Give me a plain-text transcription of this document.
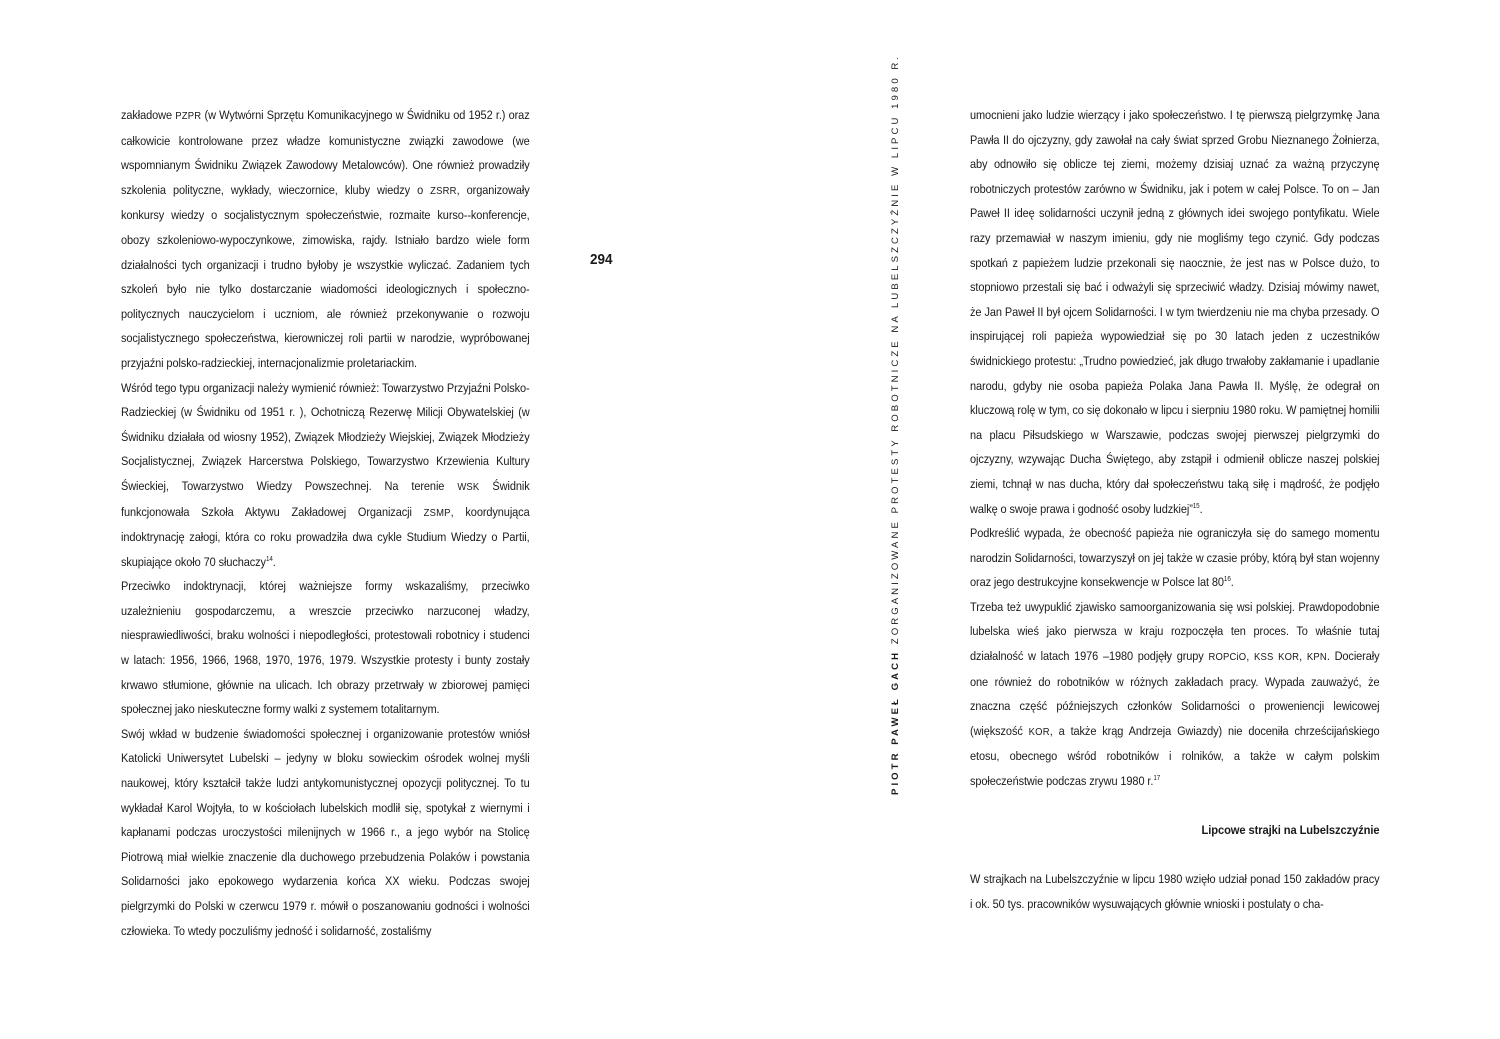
zakładowe PZPR (w Wytwórni Sprzętu Komunikacyjnego w Świdniku od 1952 r.) oraz całkowicie kontrolowane przez władze komunistyczne związki zawodowe (we wspomnianym Świdniku Związek Zawodowy Metalowców). One również prowadziły szkolenia polityczne, wykłady, wieczornice, kluby wiedzy o ZSRR, organizowały konkursy wiedzy o socjalistycznym społeczeństwie, rozmaite kurso--konferencje, obozy szkoleniowo-wypoczynkowe, zimowiska, rajdy. Istniało bardzo wiele form działalności tych organizacji i trudno byłoby je wszystkie wyliczać. Zadaniem tych szkoleń było nie tylko dostarczanie wiadomości ideologicznych i społeczno-politycznych nauczycielom i uczniom, ale również przekonywanie o rozwoju socjalistycznego społeczeństwa, kierowniczej roli partii w narodzie, wypróbowanej przyjaźni polsko-radzieckiej, internacjonalizmie proletariackim.

Wśród tego typu organizacji należy wymienić również: Towarzystwo Przyjaźni Polsko-Radzieckiej (w Świdniku od 1951 r. ), Ochotniczą Rezerwę Milicji Obywatelskiej (w Świdniku działała od wiosny 1952), Związek Młodzieży Wiejskiej, Związek Młodzieży Socjalistycznej, Związek Harcerstwa Polskiego, Towarzystwo Krzewienia Kultury Świeckiej, Towarzystwo Wiedzy Powszechnej. Na terenie WSK Świdnik funkcjonowała Szkoła Aktywu Zakładowej Organizacji ZSMP, koordynująca indoktrynację załogi, która co roku prowadziła dwa cykle Studium Wiedzy o Partii, skupiające około 70 słuchaczy$^{14}$.

Przeciwko indoktrynacji, której ważniejsze formy wskazaliśmy, przeciwko uzależnieniu gospodarczemu, a wreszcie przeciwko narzuconej władzy, niesprawiedliwości, braku wolności i niepodległości, protestowali robotnicy i studenci w latach: 1956, 1966, 1968, 1970, 1976, 1979. Wszystkie protesty i bunty zostały krwawo stłumione, głównie na ulicach. Ich obrazy przetrwały w zbiorowej pamięci społecznej jako nieskuteczne formy walki z systemem totalitarnym.

Swój wkład w budzenie świadomości społecznej i organizowanie protestów wniósł Katolicki Uniwersytet Lubelski – jedyny w bloku sowieckim ośrodek wolnej myśli naukowej, który kształcił także ludzi antykomunistycznej opozycji politycznej. To tu wykładał Karol Wojtyła, to w kościołach lubelskich modlił się, spotykał z wiernymi i kapłanami podczas uroczystości milenijnych w 1966 r., a jego wybór na Stolicę Piotrową miał wielkie znaczenie dla duchowego przebudzenia Polaków i powstania Solidarności jako epokowego wydarzenia końca XX wieku. Podczas swojej pielgrzymki do Polski w czerwcu 1979 r. mówił o poszanowaniu godności i wolności człowieka. To wtedy poczuliśmy jedność i solidarność, zostaliśmy

294
PIOTR PAWEŁ GACH ZORGANIZOWANE PROTESTY ROBOTNICZE NA LUBELSZCZYŹNIE W LIPCU 1980 R.	umocnieni jako ludzie wierzący i jako społeczeństwo. I tę pierwszą pielgrzymkę Jana Pawła II do ojczyzny, gdy zawołał na cały świat sprzed Grobu Nieznanego Żołnierza, aby odnowiło się oblicze tej ziemi, możemy dzisiaj uznać za ważną przyczynę robotniczych protestów zarówno w Świdniku, jak i potem w całej Polsce. To on – Jan Paweł II ideę solidarności uczynił jedną z głównych idei swojego pontyfikatu. Wiele razy przemawiał w naszym imieniu, gdy nie mogliśmy tego czynić. Gdy podczas spotkań z papieżem ludzie przekonali się naocznie, że jest nas w Polsce dużo, to stopniowo przestali się bać i odważyli się sprzeciwić władzy. Dzisiaj mówimy nawet, że Jan Paweł II był ojcem Solidarności. I w tym twierdzeniu nie ma chyba przesady. O inspirującej roli papieża wypowiedział się po 30 latach jeden z uczestników świdnickiego protestu: „Trudno powiedzieć, jak długo trwałoby zakłamanie i upadlanie narodu, gdyby nie osoba papieża Polaka Jana Pawła II. Myślę, że odegrał on kluczową rolę w tym, co się dokonało w lipcu i sierpniu 1980 roku. W pamiętnej homilii na placu Piłsudskiego w Warszawie, podczas swojej pierwszej pielgrzymki do ojczyzny, wzywając Ducha Świętego, aby zstąpił i odmienił oblicze naszej polskiej ziemi, tchnął w nas ducha, który dał społeczeństwu taką siłę i mądrość, że podjęło walkę o swoje prawa i godność osoby ludzkiej”$^{15}$.

Podkreślić wypada, że obecność papieża nie ograniczyła się do samego momentu narodzin Solidarności, towarzyszył on jej także w czasie próby, którą był stan wojenny oraz jego destrukcyjne konsekwencje w Polsce lat $80^{16}$.

Trzeba też uwypuklić zjawisko samoorganizowania się wsi polskiej. Prawdopodobnie lubelska wieś jako pierwsza w kraju rozpoczęła ten proces. To właśnie tutaj działalność w latach 1976 –1980 podjęły grupy ROPCiO, KSS KOR, KPN. Docierały one również do robotników w różnych zakładach pracy. Wypada zauważyć, że znaczna część późniejszych członków Solidarności o proweniencji lewicowej (większość KOR, a także krąg Andrzeja Gwiazdy) nie doceniła chrześcijańskiego etosu, obecnego wśród robotników i rolników, a także w całym polskim społeczeństwie podczas zrywu 1980 r.$^{17}$

Lipcowe strajki na Lubelszczyźnie

W strajkach na Lubelszczyźnie w lipcu 1980 wzięło udział ponad 150 zakładów pracy i ok. 50 tys. pracowników wysuwających głównie wnioski i postulaty o cha-
